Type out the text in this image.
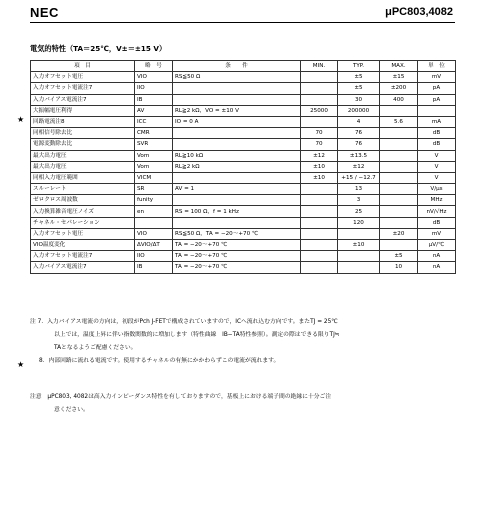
NEC	μPC803,4082
電気的特性（TA＝25℃，V±＝±15 V）
項　目	略　号	条　　件	MIN.	TYP.	MAX.	単　位
入力オフセット電圧	VIO	RS≦50 Ω		±5	±15	mV
入力オフセット電流注7	IIO			±5	±200	pA
入力バイアス電流注7	IB			30	400	pA
大振幅電圧利得	AV	RL≧2 kΩ，VO = ±10 V	25000	200000		
回路電流注8	ICC	IO = 0 A		4	5.6	mA
同相信号除去比	CMR		70	76		dB
電源変動除去比	SVR		70	76		dB
最大出力電圧	Vom	RL≧10 kΩ	±12	±13.5		V
最大出力電圧	Vom	RL≧2 kΩ	±10	±12		V
同相入力電圧範囲	VICM		±10	+15 / −12.7		V
スルーレート	SR	AV = 1		13		V/μs
ゼロクロス周波数	funity			3		MHz
入力換算雑音電圧ノイズ	en	RS = 100 Ω，f = 1 kHz		25		nV/√Hz
チャネル・セパレーション				120		dB
入力オフセット電圧	VIO	RS≦50 Ω，TA = −20〜+70 ℃			±20	mV
VIO温度変化	ΔVIO/ΔT	TA = −20〜+70 ℃		±10		μV/℃
入力オフセット電流注7	IIO	TA = −20〜+70 ℃			±5	nA
入力バイアス電流注7	IB	TA = −20〜+70 ℃			10	nA
★
注 7．入力バイアス電流の方向は，初段がPch J-FETで構成されていますので，ICへ流れ込む方向です。またTJ = 25℃
以上では，温度上昇に伴い指数関数的に増加します（特性曲線　IB−TA特性参照）。測定の際はできる限りTJ≒
TAとなるようご配慮ください。
8．内部回路に流れる電流です。使用するチャネルの有無にかかわらずこの電流が流れます。
★
注意　μPC803, 4082は高入力インピーダンス特性を有しておりますので，基板上における端子間の絶縁に十分ご注
意ください。
